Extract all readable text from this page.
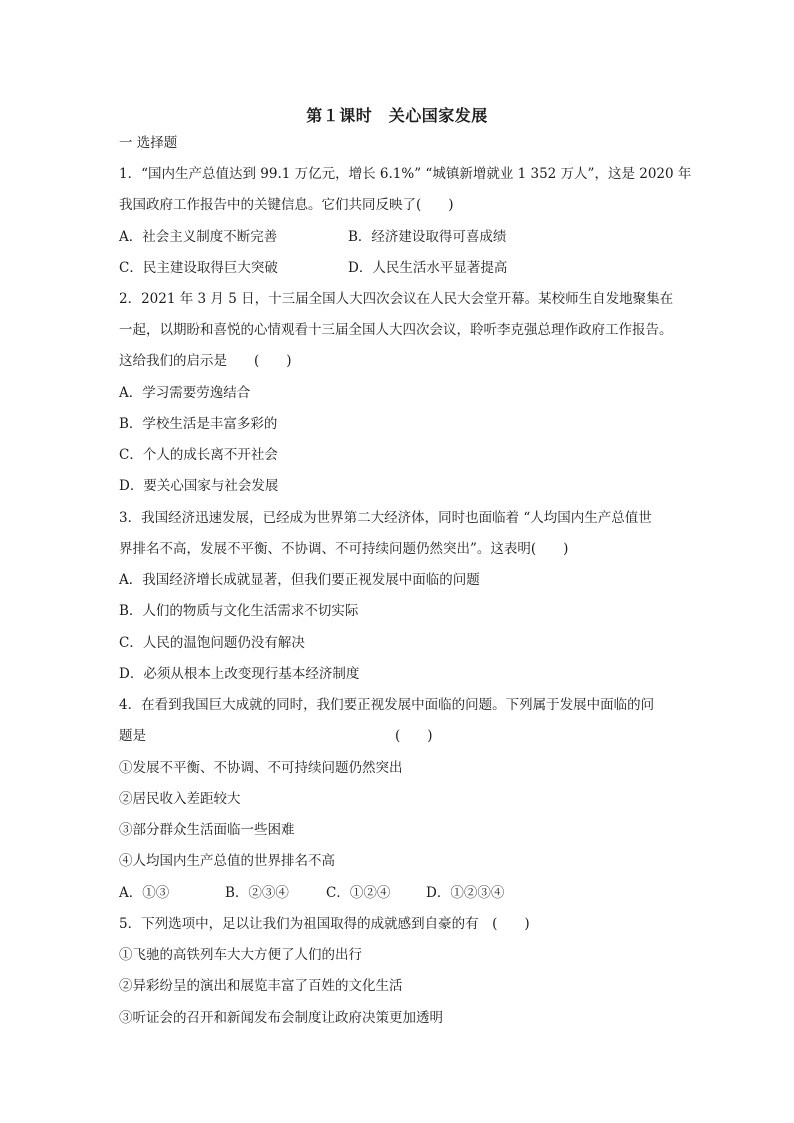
第１课时　关心国家发展
一 选择题
1．“国内生产总值达到 99.1 万亿元，增长 6.1%” “城镇新增就业 1 352 万人”，这是 2020 年
我国政府工作报告中的关键信息。它们共同反映了(　　)
A．社会主义制度不断完善	B．经济建设取得可喜成绩
C．民主建设取得巨大突破	D．人民生活水平显著提高
2．2021 年 3 月 5 日，十三届全国人大四次会议在人民大会堂开幕。某校师生自发地聚集在
一起，以期盼和喜悦的心情观看十三届全国人大四次会议，聆听李克强总理作政府工作报告。
这给我们的启示是　　(　　)
A．学习需要劳逸结合
B．学校生活是丰富多彩的
C．个人的成长离不开社会
D．要关心国家与社会发展
3．我国经济迅速发展，已经成为世界第二大经济体，同时也面临着 “人均国内生产总值世
界排名不高，发展不平衡、不协调、不可持续问题仍然突出”。这表明(　　)
A．我国经济增长成就显著，但我们要正视发展中面临的问题
B．人们的物质与文化生活需求不切实际
C．人民的温饱问题仍没有解决
D．必须从根本上改变现行基本经济制度
4．在看到我国巨大成就的同时，我们要正视发展中面临的问题。下列属于发展中面临的问
题是	(　　)
①发展不平衡、不协调、不可持续问题仍然突出
②居民收入差距较大
③部分群众生活面临一些困难
④人均国内生产总值的世界排名不高
A．①③	B．②③④	C．①②④	D．①②③④
5．下列选项中，足以让我们为祖国取得的成就感到自豪的有　(　　)
①飞驰的高铁列车大大方便了人们的出行
②异彩纷呈的演出和展览丰富了百姓的文化生活
③听证会的召开和新闻发布会制度让政府决策更加透明
